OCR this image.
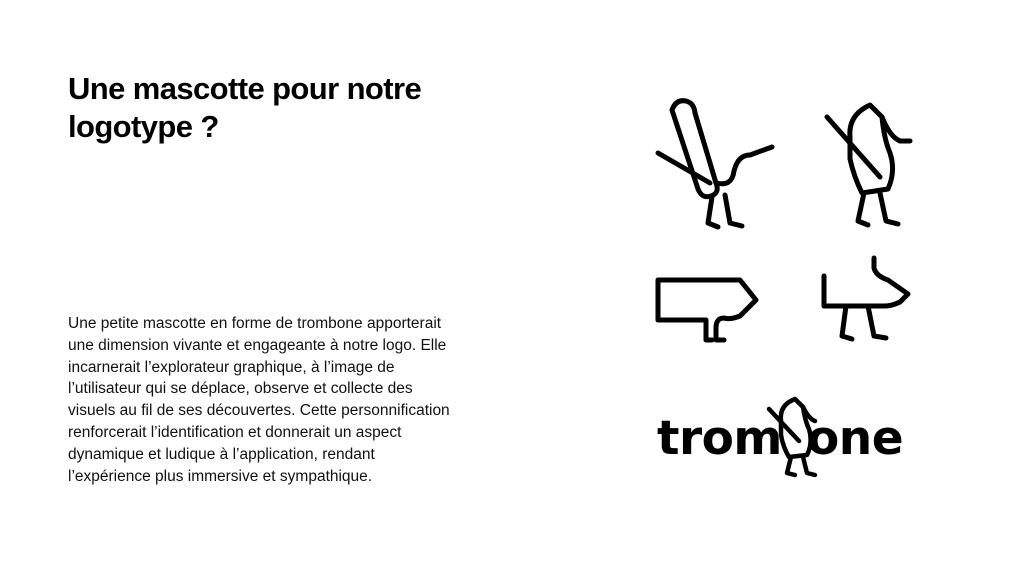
Une mascotte pour notre logotype ?

Une petite mascotte en forme de trombone apporterait une dimension vivante et engageante à notre logo. Elle incarnerait l’explorateur graphique, à l’image de l’utilisateur qui se déplace, observe et collecte des visuels au fil de ses découvertes. Cette personnification renforcerait l’identification et donnerait un aspect dynamique et ludique à l’application, rendant l’expérience plus immersive et sympathique.

trom one
